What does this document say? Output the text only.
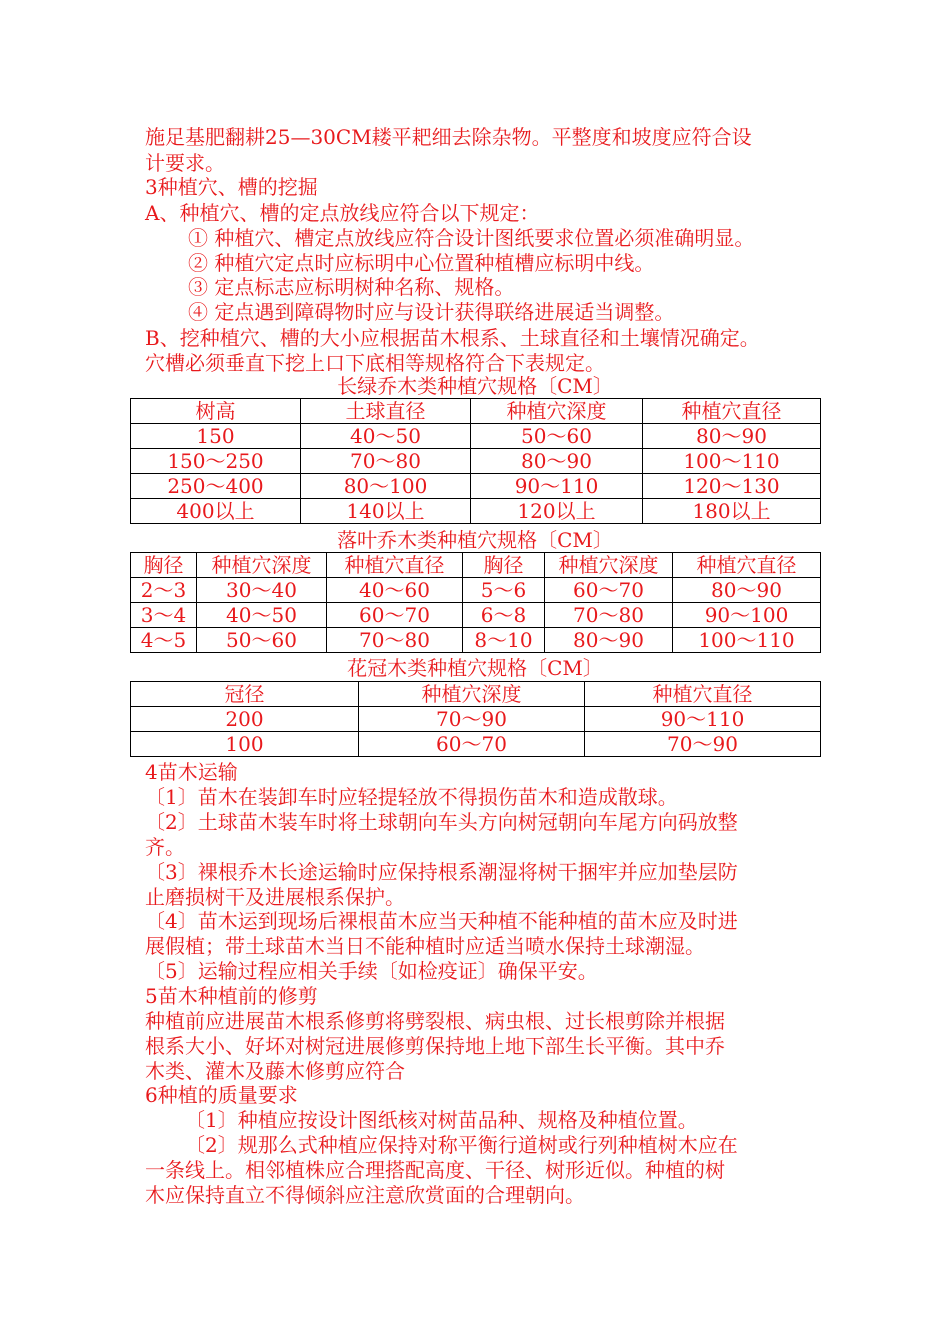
施足基肥翻耕25—30CM耧平耙细去除杂物。平整度和坡度应符合设
计要求。
3种植穴、槽的挖掘
A、种植穴、槽的定点放线应符合以下规定：
① 种植穴、槽定点放线应符合设计图纸要求位置必须准确明显。
② 种植穴定点时应标明中心位置种植槽应标明中线。
③ 定点标志应标明树种名称、规格。
④ 定点遇到障碍物时应与设计获得联络进展适当调整。
B、挖种植穴、槽的大小应根据苗木根系、土球直径和土壤情况确定。
穴槽必须垂直下挖上口下底相等规格符合下表规定。
长绿乔木类种植穴规格〔CM〕
树高	土球直径	种植穴深度	种植穴直径
150	40～50	50～60	80～90
150～250	70～80	80～90	100～110
250～400	80～100	90～110	120～130
400以上	140以上	120以上	180以上
落叶乔木类种植穴规格〔CM〕
胸径	种植穴深度	种植穴直径	胸径	种植穴深度	种植穴直径
2～3	30～40	40～60	5～6	60～70	80～90
3～4	40～50	60～70	6～8	70～80	90～100
4～5	50～60	70～80	8～10	80～90	100～110
花冠木类种植穴规格〔CM〕
冠径	种植穴深度	种植穴直径
200	70～90	90～110
100	60～70	70～90
4苗木运输
〔1〕苗木在装卸车时应轻提轻放不得损伤苗木和造成散球。
〔2〕土球苗木装车时将土球朝向车头方向树冠朝向车尾方向码放整
齐。
〔3〕裸根乔木长途运输时应保持根系潮湿将树干捆牢并应加垫层防
止磨损树干及进展根系保护。
〔4〕苗木运到现场后裸根苗木应当天种植不能种植的苗木应及时进
展假植；带土球苗木当日不能种植时应适当喷水保持土球潮湿。
〔5〕运输过程应相关手续〔如检疫证〕确保平安。
5苗木种植前的修剪
种植前应进展苗木根系修剪将劈裂根、病虫根、过长根剪除并根据
根系大小、好坏对树冠进展修剪保持地上地下部生长平衡。其中乔
木类、灌木及藤木修剪应符合
6种植的质量要求
〔1〕种植应按设计图纸核对树苗品种、规格及种植位置。
〔2〕规那么式种植应保持对称平衡行道树或行列种植树木应在
一条线上。相邻植株应合理搭配高度、干径、树形近似。种植的树
木应保持直立不得倾斜应注意欣赏面的合理朝向。
